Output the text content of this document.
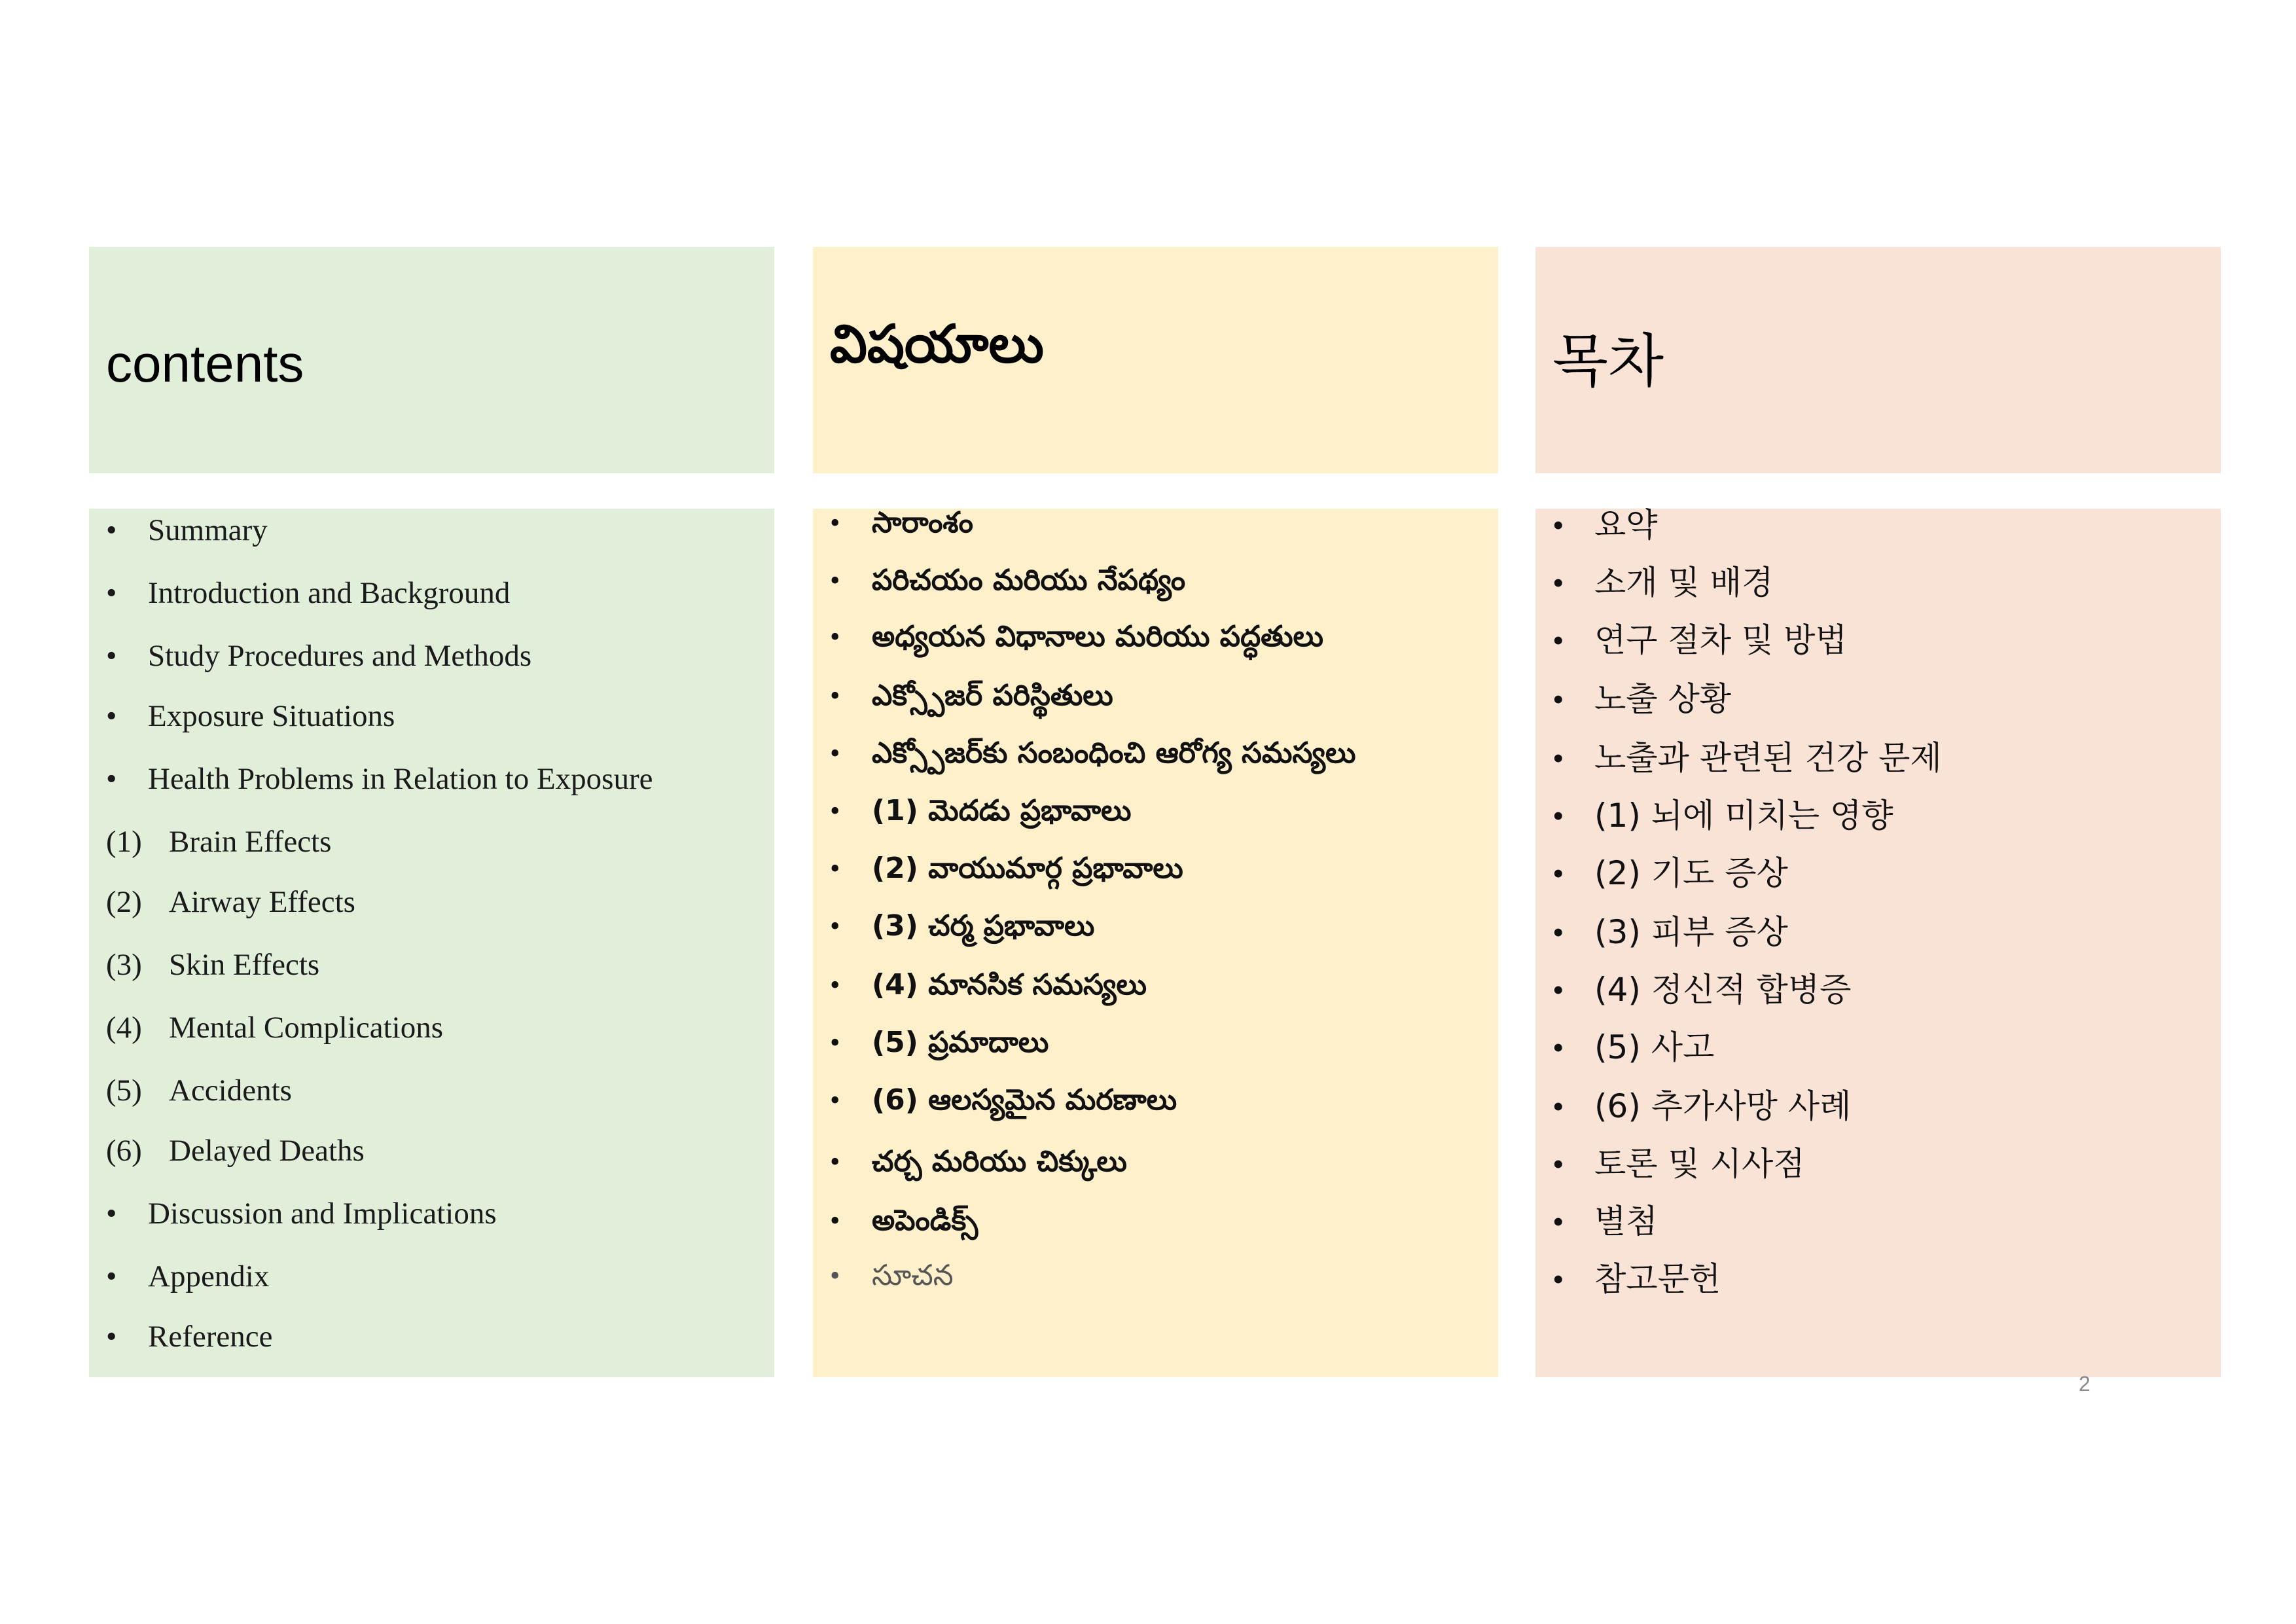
contents	విషయాలు	목차
• Summary
• Introduction and Background
• Study Procedures and Methods
• Exposure Situations
• Health Problems in Relation to Exposure
(1) Brain Effects
(2) Airway Effects
(3) Skin Effects
(4) Mental Complications
(5) Accidents
(6) Delayed Deaths
• Discussion and Implications
• Appendix
• Reference
• సారాంశం
• పరిచయం మరియు నేపథ్యం
• అధ్యయన విధానాలు మరియు పద్ధతులు
• ఎక్స్పోజర్ పరిస్థితులు
• ఎక్స్పోజర్‌కు సంబంధించి ఆరోగ్య సమస్యలు
• (1) మెదడు ప్రభావాలు
• (2) వాయుమార్గ ప్రభావాలు
• (3) చర్మ ప్రభావాలు
• (4) మానసిక సమస్యలు
• (5) ప్రమాదాలు
• (6) ఆలస్యమైన మరణాలు
• చర్చ మరియు చిక్కులు
• అపెండిక్స్
• సూచన
• 요약
• 소개 및 배경
• 연구 절차 및 방법
• 노출 상황
• 노출과 관련된 건강 문제
• (1) 뇌에 미치는 영향
• (2) 기도 증상
• (3) 피부 증상
• (4) 정신적 합병증
• (5) 사고
• (6) 추가사망 사례
• 토론 및 시사점
• 별첨
• 참고문헌
2
